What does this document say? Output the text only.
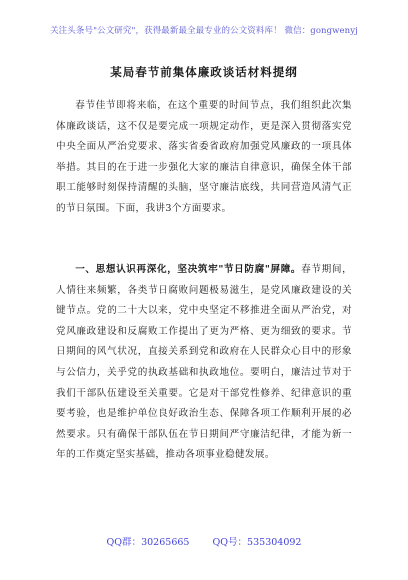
关注头条号"公文研究"，获得最新最全最专业的公文资料库！ 微信：gongwenyj
某局春节前集体廉政谈话材料提纲

春节佳节即将来临，在这个重要的时间节点，我们组织此次集体廉政谈话，这不仅是要完成一项规定动作，更是深入贯彻落实党中央全面从严治党要求、落实省委省政府加强党风廉政的一项具体举措。其目的在于进一步强化大家的廉洁自律意识，确保全体干部职工能够时刻保持清醒的头脑，坚守廉洁底线，共同营造风清气正的节日氛围。下面，我讲3个方面要求。

一、思想认识再深化，坚决筑牢"节日防腐"屏障。春节期间，人情往来频繁，各类节日腐败问题极易滋生，是党风廉政建设的关键节点。党的二十大以来，党中央坚定不移推进全面从严治党，对党风廉政建设和反腐败工作提出了更为严格、更为细致的要求。节日期间的风气状况，直接关系到党和政府在人民群众心目中的形象与公信力，关乎党的执政基础和执政地位。要明白，廉洁过节对于我们干部队伍建设至关重要。它是对干部党性修养、纪律意识的重要考验，也是维护单位良好政治生态、保障各项工作顺利开展的必然要求。只有确保干部队伍在节日期间严守廉洁纪律，才能为新一年的工作奠定坚实基础，推动各项事业稳健发展。

QQ群：30265665 QQ号：535304092
